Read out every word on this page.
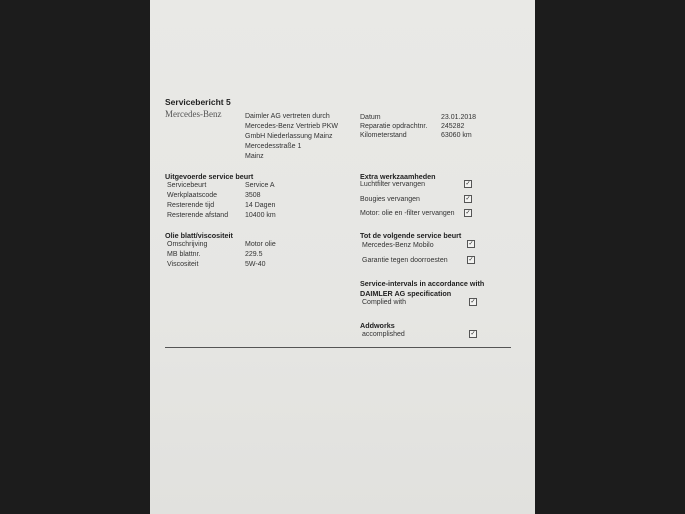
Servicebericht 5
Mercedes-Benz	Daimler AG vertreten durch
Mercedes-Benz Vertrieb PKW
GmbH Niederlassung Mainz
Mercedesstraße 1
Mainz
Datum	23.01.2018
Reparatie opdrachtnr. 245282
Kilometerstand	63060 km
Uitgevoerde service beurt
Servicebeurt	Service A
Werkplaatscode	3508
Resterende tijd	14 Dagen
Resterende afstand 10400 km
Olie blatt/viscositeit
Omschrijving	Motor olie
MB blattnr.	229.5
Viscositeit	5W-40
Extra werkzaamheden
Luchtfilter vervangen	✓
Bougies vervangen	✓
Motor: olie en -filter vervangen ✓
Tot de volgende service beurt
Mercedes-Benz Mobilo	✓
Garantie tegen doorroesten	✓
Service-intervals in accordance with
DAIMLER AG specification
Complied with	✓
Addworks
accomplished	✓
